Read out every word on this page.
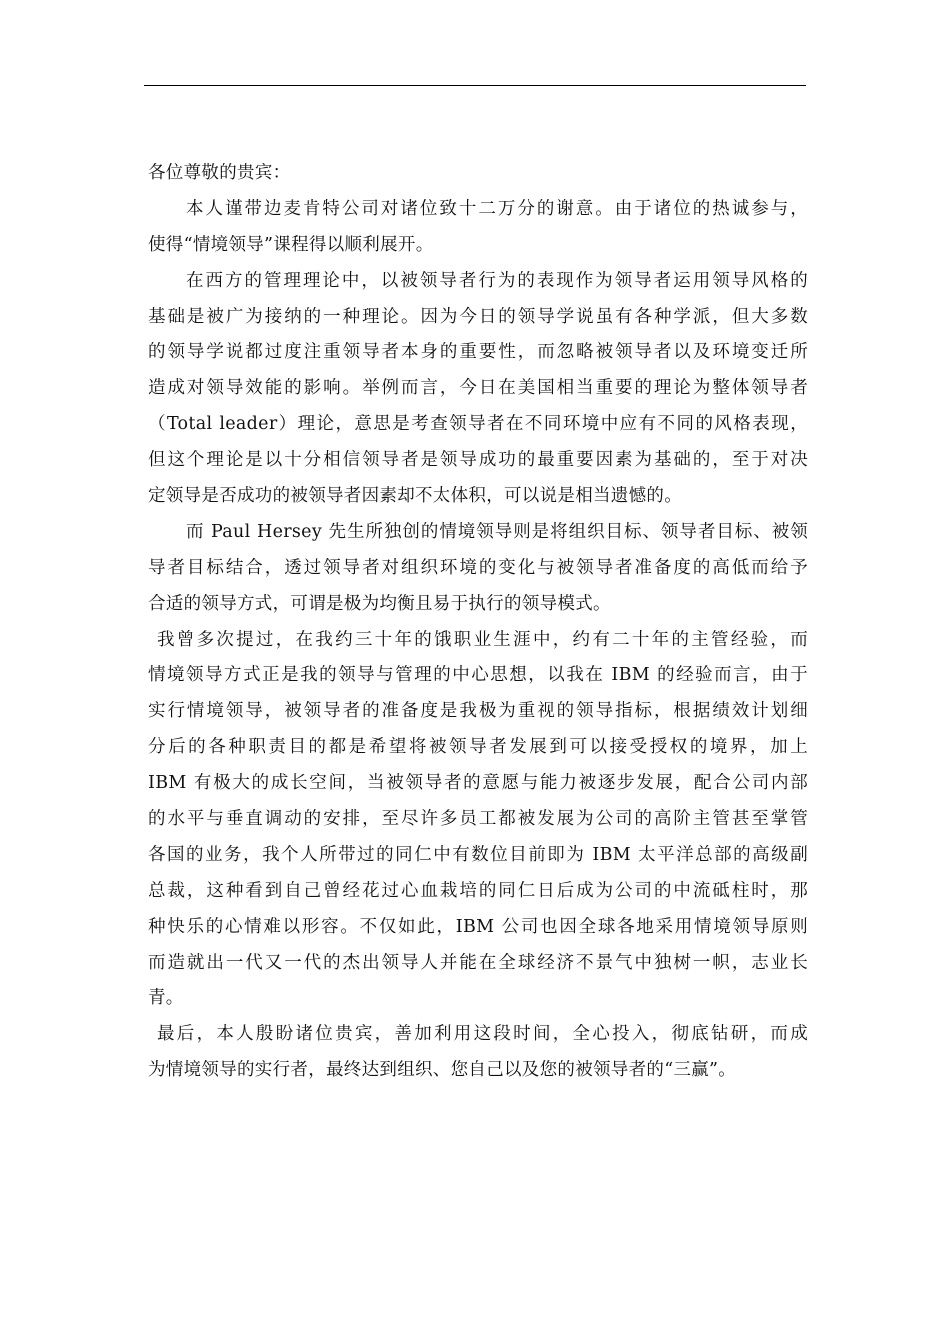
各位尊敬的贵宾：
本人谨带边麦肯特公司对诸位致十二万分的谢意。由于诸位的热诚参与，
使得“情境领导”课程得以顺利展开。
在西方的管理理论中，以被领导者行为的表现作为领导者运用领导风格的
基础是被广为接纳的一种理论。因为今日的领导学说虽有各种学派，但大多数
的领导学说都过度注重领导者本身的重要性，而忽略被领导者以及环境变迁所
造成对领导效能的影响。举例而言，今日在美国相当重要的理论为整体领导者
（Total leader）理论，意思是考查领导者在不同环境中应有不同的风格表现，
但这个理论是以十分相信领导者是领导成功的最重要因素为基础的，至于对决
定领导是否成功的被领导者因素却不太体积，可以说是相当遗憾的。
而 Paul Hersey 先生所独创的情境领导则是将组织目标、领导者目标、被领
导者目标结合，透过领导者对组织环境的变化与被领导者准备度的高低而给予
合适的领导方式，可谓是极为均衡且易于执行的领导模式。
我曾多次提过，在我约三十年的饿职业生涯中，约有二十年的主管经验，而
情境领导方式正是我的领导与管理的中心思想，以我在 IBM 的经验而言，由于
实行情境领导，被领导者的准备度是我极为重视的领导指标，根据绩效计划细
分后的各种职责目的都是希望将被领导者发展到可以接受授权的境界，加上
IBM 有极大的成长空间，当被领导者的意愿与能力被逐步发展，配合公司内部
的水平与垂直调动的安排，至尽许多员工都被发展为公司的高阶主管甚至掌管
各国的业务，我个人所带过的同仁中有数位目前即为 IBM 太平洋总部的高级副
总裁，这种看到自己曾经花过心血栽培的同仁日后成为公司的中流砥柱时，那
种快乐的心情难以形容。不仅如此，IBM 公司也因全球各地采用情境领导原则
而造就出一代又一代的杰出领导人并能在全球经济不景气中独树一帜，志业长
青。
最后，本人殷盼诸位贵宾，善加利用这段时间，全心投入，彻底钻研，而成
为情境领导的实行者，最终达到组织、您自己以及您的被领导者的“三赢”。
